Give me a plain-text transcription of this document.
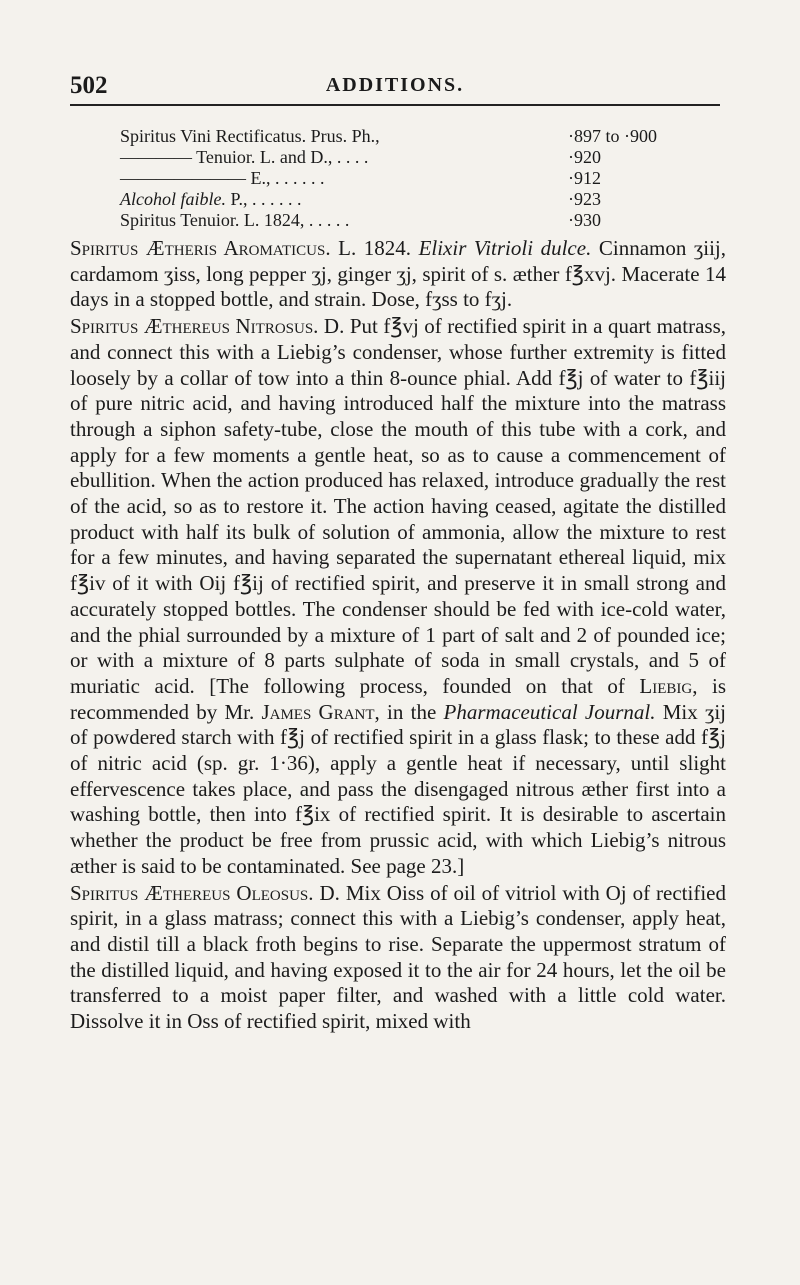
502	ADDITIONS.
Spiritus Vini Rectificatus. Prus. Ph.,	·897 to ·900
———— Tenuior. L. and D., . . . .	·920
——————— E., . . . . . .	·912
Alcohol faible. P., . . . . . .	·923
Spiritus Tenuior. L. 1824, . . . . .	·930

Spiritus Ætheris Aromaticus. L. 1824. Elixir Vitrioli dulce. Cinnamon ʒiij, cardamom ʒiss, long pepper ʒj, ginger ʒj, spirit of s. æther f℥xvj. Macerate 14 days in a stopped bottle, and strain. Dose, fʒss to fʒj.

Spiritus Æthereus Nitrosus. D. Put f℥vj of rectified spirit in a quart matrass, and connect this with a Liebig’s condenser, whose further extremity is fitted loosely by a collar of tow into a thin 8-ounce phial. Add f℥j of water to f℥iij of pure nitric acid, and having introduced half the mixture into the matrass through a siphon safety-tube, close the mouth of this tube with a cork, and apply for a few moments a gentle heat, so as to cause a commencement of ebullition. When the action produced has relaxed, introduce gradually the rest of the acid, so as to restore it. The action having ceased, agitate the distilled product with half its bulk of solution of ammonia, allow the mixture to rest for a few minutes, and having separated the supernatant ethereal liquid, mix f℥iv of it with Oij f℥ij of rectified spirit, and preserve it in small strong and accurately stopped bottles. The condenser should be fed with ice-cold water, and the phial surrounded by a mixture of 1 part of salt and 2 of pounded ice; or with a mixture of 8 parts sulphate of soda in small crystals, and 5 of muriatic acid. [The following process, founded on that of Liebig, is recommended by Mr. James Grant, in the Pharmaceutical Journal. Mix ʒij of powdered starch with f℥j of rectified spirit in a glass flask; to these add f℥j of nitric acid (sp. gr. 1·36), apply a gentle heat if necessary, until slight effervescence takes place, and pass the disengaged nitrous æther first into a washing bottle, then into f℥ix of rectified spirit. It is desirable to ascertain whether the product be free from prussic acid, with which Liebig’s nitrous æther is said to be contaminated. See page 23.]

Spiritus Æthereus Oleosus. D. Mix Oiss of oil of vitriol with Oj of rectified spirit, in a glass matrass; connect this with a Liebig’s condenser, apply heat, and distil till a black froth begins to rise. Separate the uppermost stratum of the distilled liquid, and having exposed it to the air for 24 hours, let the oil be transferred to a moist paper filter, and washed with a little cold water. Dissolve it in Oss of rectified spirit, mixed with
